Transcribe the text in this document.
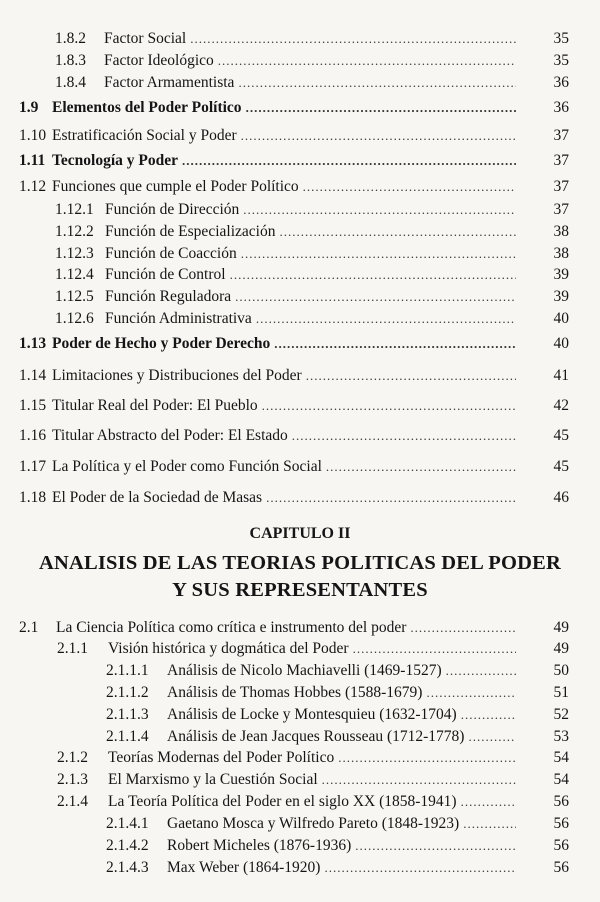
1.8.2	Factor Social .....	35
1.8.3	Factor Ideológico .....	35
1.8.4	Factor Armamentista .....	36
1.9 Elementos del Poder Político .....	36
1.10 Estratificación Social y Poder .....	37
1.11 Tecnología y Poder .....	37
1.12 Funciones que cumple el Poder Político .....	37
1.12.1 Función de Dirección .....	37
1.12.2 Función de Especialización .....	38
1.12.3 Función de Coacción .....	38
1.12.4 Función de Control .....	39
1.12.5 Función Reguladora .....	39
1.12.6 Función Administrativa .....	40
1.13 Poder de Hecho y Poder Derecho .....	40
1.14 Limitaciones y Distribuciones del Poder .....	41
1.15 Titular Real del Poder: El Pueblo .....	42
1.16 Titular Abstracto del Poder: El Estado .....	45
1.17 La Política y el Poder como Función Social .....	45
1.18 El Poder de la Sociedad de Masas .....	46
CAPITULO II
ANALISIS DE LAS TEORIAS POLITICAS DEL PODER
Y SUS REPRESENTANTES
2.1	La Ciencia Política como crítica e instrumento del poder .....	49
2.1.1	Visión histórica y dogmática del Poder .....	49
2.1.1.1	Análisis de Nicolo Machiavelli (1469-1527) .....	50
2.1.1.2	Análisis de Thomas Hobbes (1588-1679) .....	51
2.1.1.3	Análisis de Locke y Montesquieu (1632-1704) .....	52
2.1.1.4	Análisis de Jean Jacques Rousseau (1712-1778) .....	53
2.1.2	Teorías Modernas del Poder Político .....	54
2.1.3	El Marxismo y la Cuestión Social .....	54
2.1.4	La Teoría Política del Poder en el siglo XX (1858-1941) .....	56
2.1.4.1	Gaetano Mosca y Wilfredo Pareto (1848-1923) .....	56
2.1.4.2	Robert Micheles (1876-1936) .....	56
2.1.4.3	Max Weber (1864-1920) .....	56
